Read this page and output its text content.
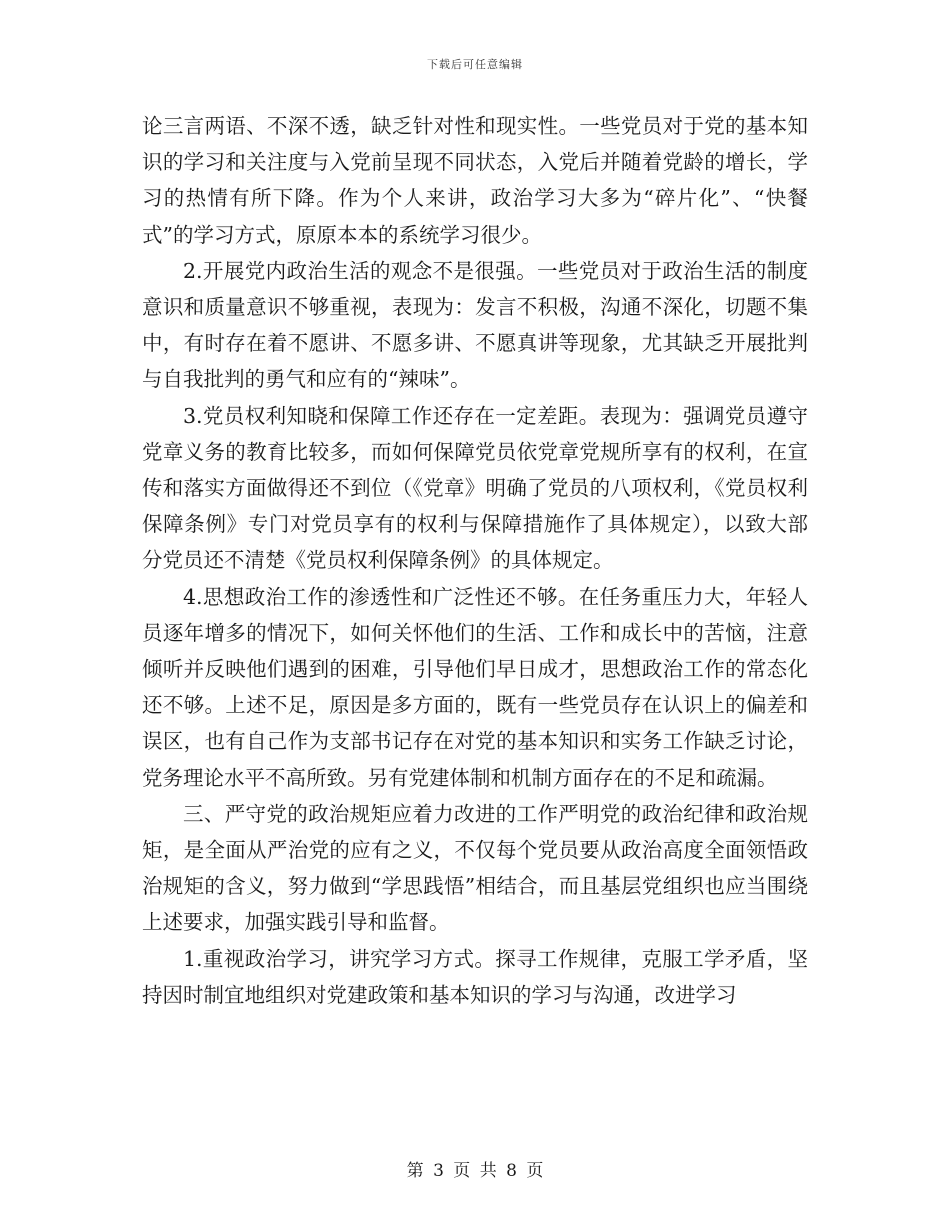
下载后可任意编辑

论三言两语、不深不透，缺乏针对性和现实性。一些党员对于党的基本知识的学习和关注度与入党前呈现不同状态，入党后并随着党龄的增长，学习的热情有所下降。作为个人来讲，政治学习大多为“碎片化”、“快餐式”的学习方式，原原本本的系统学习很少。

2.开展党内政治生活的观念不是很强。一些党员对于政治生活的制度意识和质量意识不够重视，表现为：发言不积极，沟通不深化，切题不集中，有时存在着不愿讲、不愿多讲、不愿真讲等现象，尤其缺乏开展批判与自我批判的勇气和应有的“辣味”。

3.党员权利知晓和保障工作还存在一定差距。表现为：强调党员遵守党章义务的教育比较多，而如何保障党员依党章党规所享有的权利，在宣传和落实方面做得还不到位（《党章》明确了党员的八项权利，《党员权利保障条例》专门对党员享有的权利与保障措施作了具体规定），以致大部分党员还不清楚《党员权利保障条例》的具体规定。

4.思想政治工作的渗透性和广泛性还不够。在任务重压力大，年轻人员逐年增多的情况下，如何关怀他们的生活、工作和成长中的苦恼，注意倾听并反映他们遇到的困难，引导他们早日成才，思想政治工作的常态化还不够。上述不足，原因是多方面的，既有一些党员存在认识上的偏差和误区，也有自己作为支部书记存在对党的基本知识和实务工作缺乏讨论，党务理论水平不高所致。另有党建体制和机制方面存在的不足和疏漏。

三、严守党的政治规矩应着力改进的工作严明党的政治纪律和政治规矩，是全面从严治党的应有之义，不仅每个党员要从政治高度全面领悟政治规矩的含义，努力做到“学思践悟”相结合，而且基层党组织也应当围绕上述要求，加强实践引导和监督。

1.重视政治学习，讲究学习方式。探寻工作规律，克服工学矛盾，坚持因时制宜地组织对党建政策和基本知识的学习与沟通，改进学习

第 3 页 共 8 页
